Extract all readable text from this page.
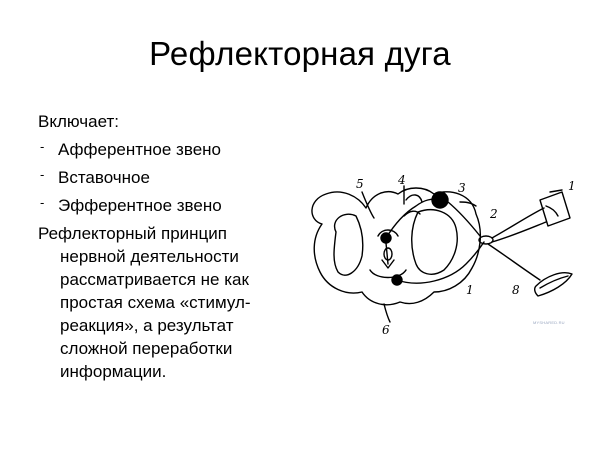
Рефлекторная дуга
Включает:
- Афферентное звено
- Вставочное
- Эфферентное звено
Рефлекторный принцип нервной деятельности рассматривается не как простая схема «стимул-реакция», а результат сложной переработки информации.
5	4
3
2
1
8
1
6
MYSHARED.RU
